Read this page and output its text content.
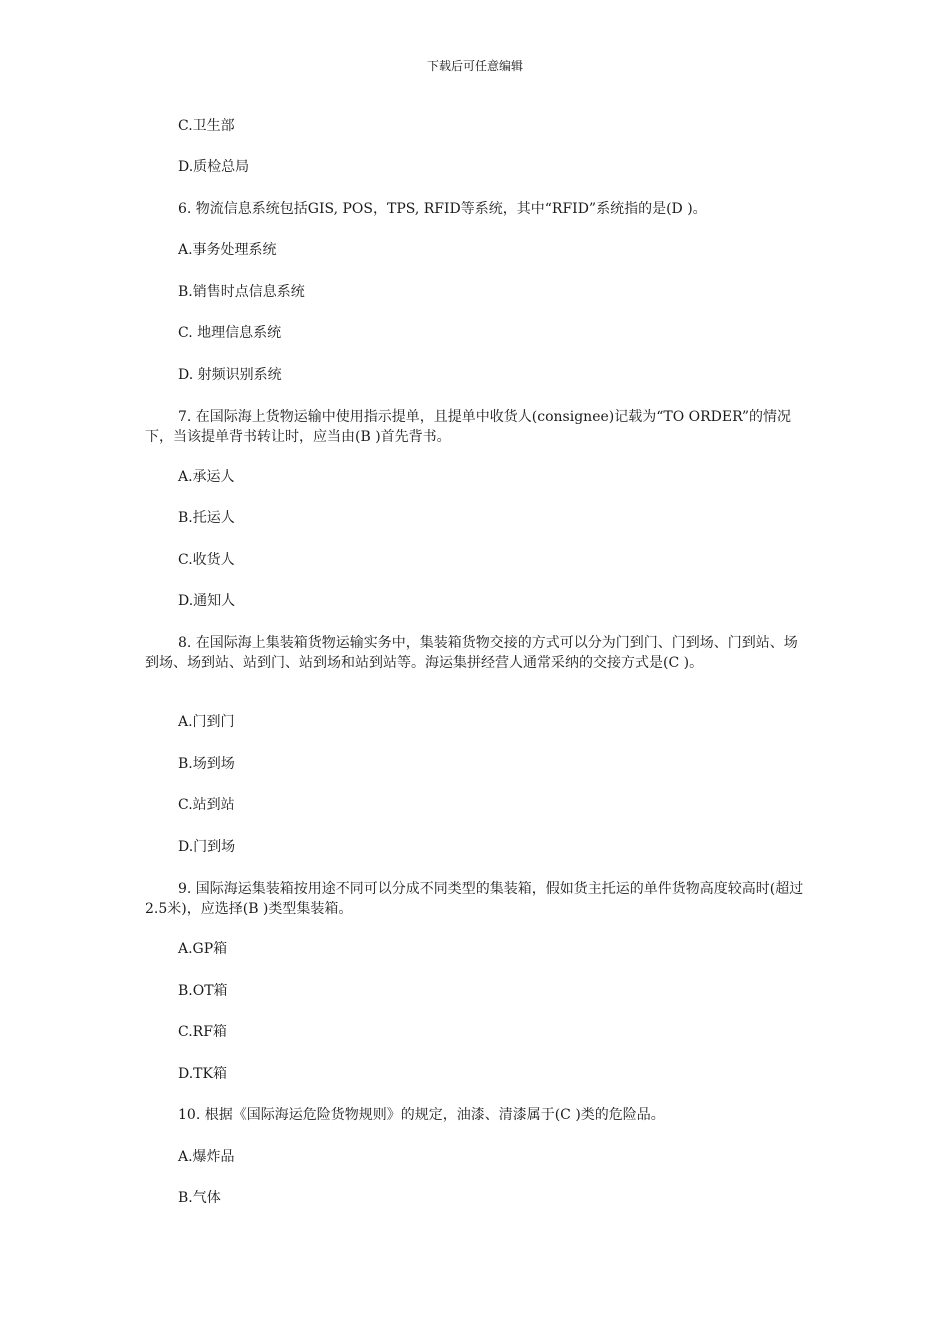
下载后可任意编辑
C.卫生部
D.质检总局
6. 物流信息系统包括GIS, POS，TPS, RFID等系统，其中“RFID”系统指的是(D )。
A.事务处理系统
B.销售时点信息系统
C. 地理信息系统
D. 射频识别系统
7. 在国际海上货物运输中使用指示提单，且提单中收货人(consignee)记载为“TO ORDER”的情况下，当该提单背书转让时，应当由(B )首先背书。
A.承运人
B.托运人
C.收货人
D.通知人
8. 在国际海上集装箱货物运输实务中，集装箱货物交接的方式可以分为门到门、门到场、门到站、场到场、场到站、站到门、站到场和站到站等。海运集拼经营人通常采纳的交接方式是(C )。
A.门到门
B.场到场
C.站到站
D.门到场
9. 国际海运集装箱按用途不同可以分成不同类型的集装箱，假如货主托运的单件货物高度较高时(超过2.5米)，应选择(B )类型集装箱。
A.GP箱
B.OT箱
C.RF箱
D.TK箱
10. 根据《国际海运危险货物规则》的规定，油漆、清漆属于(C )类的危险品。
A.爆炸品
B.气体
